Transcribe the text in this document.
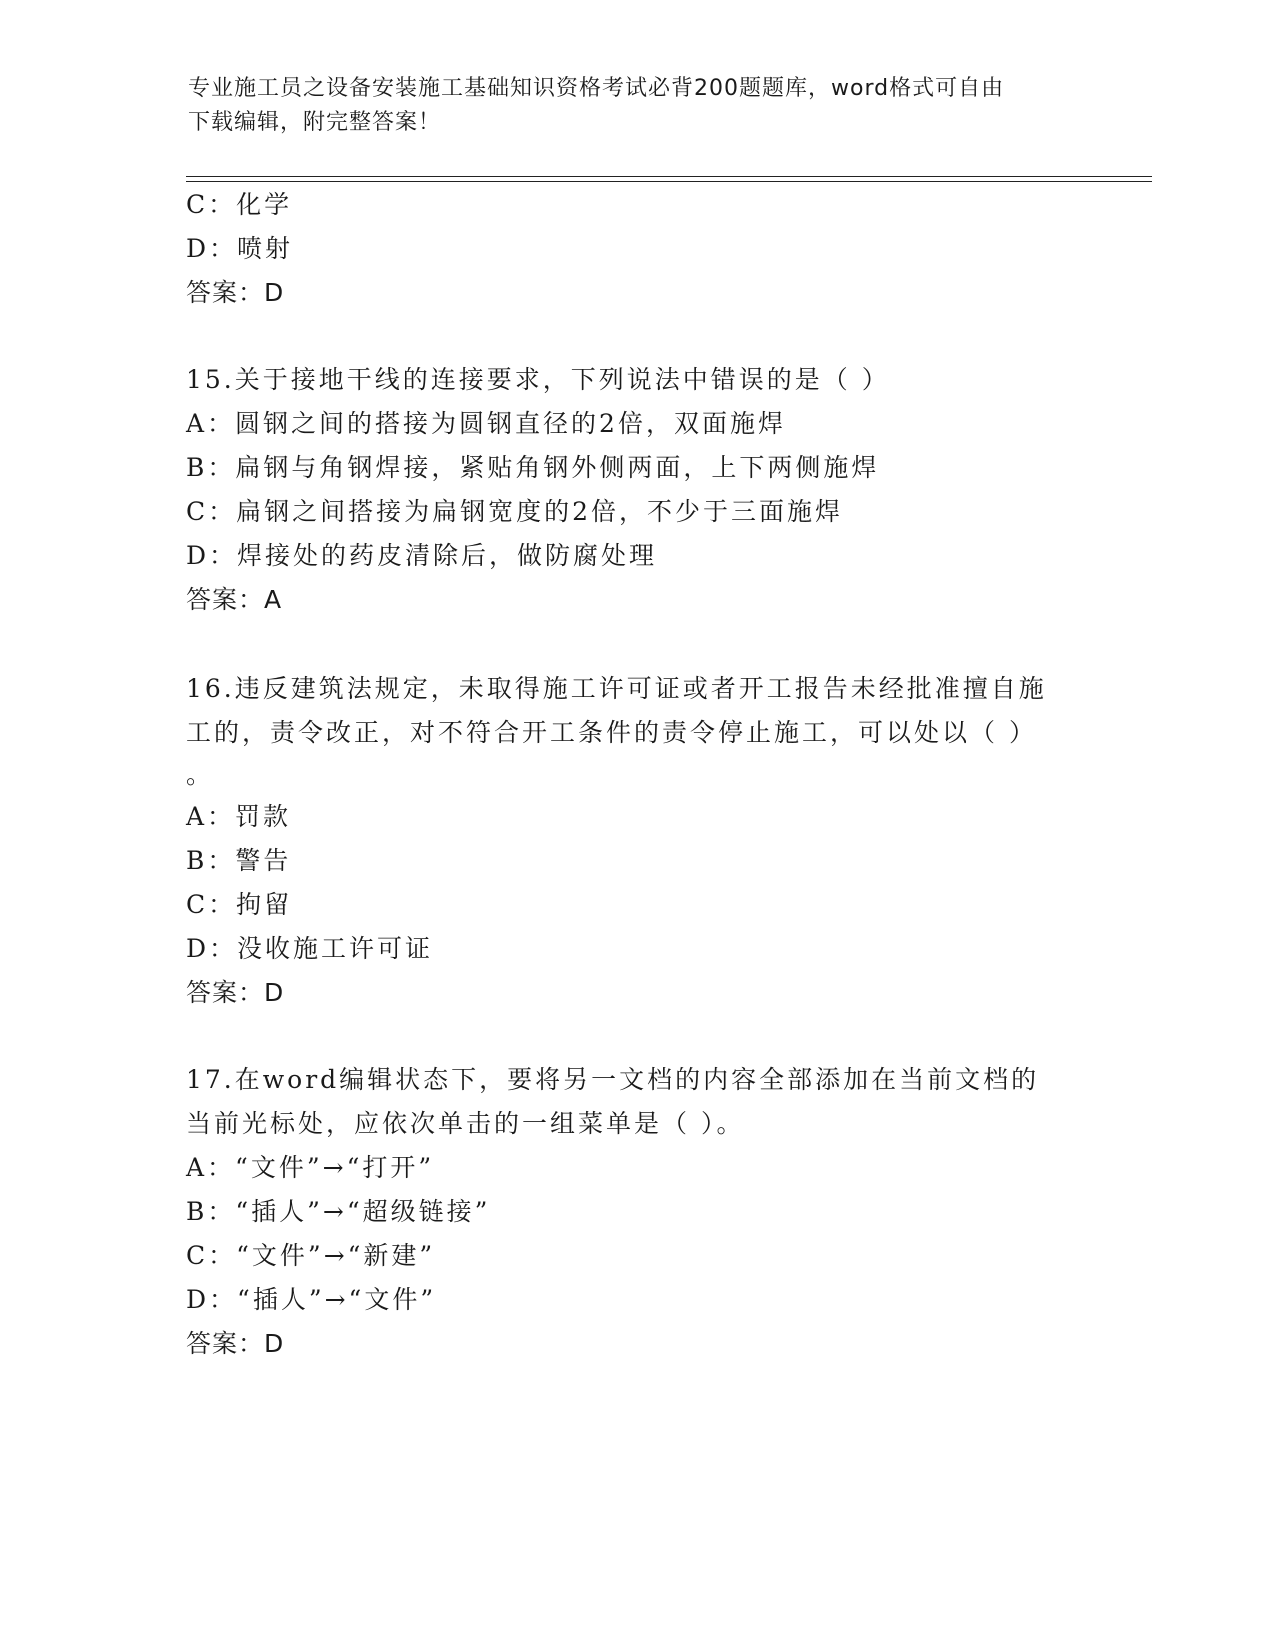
专业施工员之设备安装施工基础知识资格考试必背200题题库，word格式可自由
下载编辑，附完整答案！
C：化学
D：喷射
答案：D
15.关于接地干线的连接要求，下列说法中错误的是（ ）
A：圆钢之间的搭接为圆钢直径的2倍，双面施焊
B：扁钢与角钢焊接，紧贴角钢外侧两面，上下两侧施焊
C：扁钢之间搭接为扁钢宽度的2倍，不少于三面施焊
D：焊接处的药皮清除后，做防腐处理
答案：A
16.违反建筑法规定，未取得施工许可证或者开工报告未经批准擅自施
工的，责令改正，对不符合开工条件的责令停止施工，可以处以（ ）
。
A：罚款
B：警告
C：拘留
D：没收施工许可证
答案：D
17.在word编辑状态下，要将另一文档的内容全部添加在当前文档的
当前光标处，应依次单击的一组菜单是（ ）。
A：“文件”→“打开”
B：“插人”→“超级链接”
C：“文件”→“新建”
D：“插人”→“文件”
答案：D
